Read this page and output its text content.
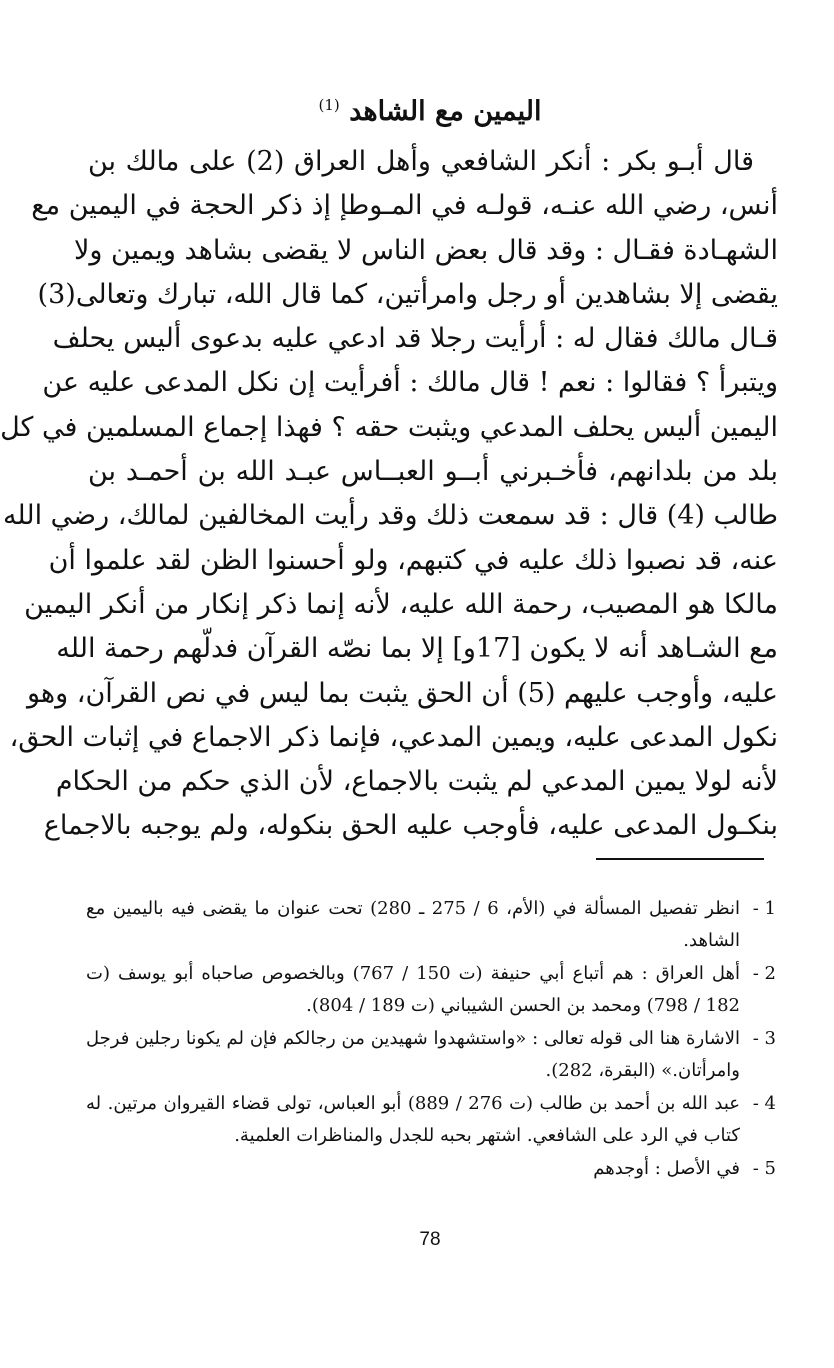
اليمين مع الشاهد $^{(1)}$
قال أبـو بكر : أنكر الشافعي وأهل العراق (2) على مالك بن
أنس، رضي الله عنـه، قولـه في المـوطإ إذ ذكر الحجة في اليمين مع
الشهـادة فقـال : وقد قال بعض الناس لا يقضى بشاهد ويمين ولا
يقضى إلا بشاهدين أو رجل وامرأتين، كما قال الله، تبارك وتعالى(3)
قـال مالك فقال له : أرأيت رجلا قد ادعي عليه بدعوى أليس يحلف
ويتبرأ ؟ فقالوا : نعم ! قال مالك : أفرأيت إن نكل المدعى عليه عن
اليمين أليس يحلف المدعي ويثبت حقه ؟ فهذا إجماع المسلمين في كل
بلد من بلدانهم، فأخـبرني أبــو العبــاس عبـد الله بن أحمـد بن
طالب (4) قال : قد سمعت ذلك وقد رأيت المخالفين لمالك، رضي الله
عنه، قد نصبوا ذلك عليه في كتبهم، ولو أحسنوا الظن لقد علموا أن
مالكا هو المصيب، رحمة الله عليه، لأنه إنما ذكر إنكار من أنكر اليمين
مع الشـاهد أنه لا يكون [17و] إلا بما نصّه القرآن فدلّهم رحمة الله
عليه، وأوجب عليهم (5) أن الحق يثبت بما ليس في نص القرآن، وهو
نكول المدعى عليه، ويمين المدعي، فإنما ذكر الاجماع في إثبات الحق،
لأنه لولا يمين المدعي لم يثبت بالاجماع، لأن الذي حكم من الحكام
بنكـول المدعى عليه، فأوجب عليه الحق بنكوله، ولم يوجبه بالاجماع
1 -
انظر تفصيل المسألة في (الأم، 6 / 275 ـ 280) تحت عنوان ما يقضى فيه باليمين مع الشاهد.
2 -
أهل العراق : هم أتباع أبي حنيفة (ت 150 / 767) وبالخصوص صاحباه أبو يوسف (ت 182 / 798) ومحمد بن الحسن الشيباني (ت 189 / 804).
3 -
الاشارة هنا الى قوله تعالى : «واستشهدوا شهيدين من رجالكم فإن لم يكونا رجلين فرجل وامرأتان.» (البقرة، 282).
4 -
عبد الله بن أحمد بن طالب (ت 276 / 889) أبو العباس، تولى قضاء القيروان مرتين. له كتاب في الرد على الشافعي. اشتهر بحبه للجدل والمناظرات العلمية.
5 -
في الأصل : أوجدهم
78
